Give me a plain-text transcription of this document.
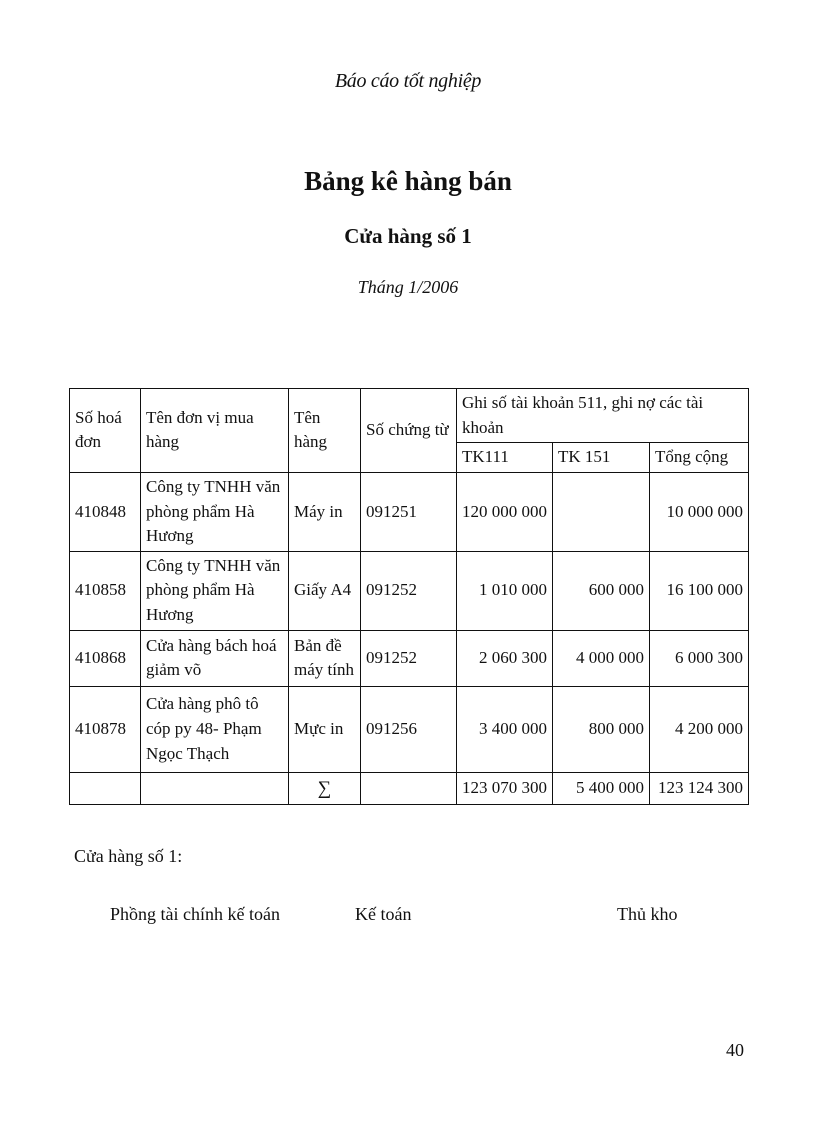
Báo cáo tốt nghiệp
Bảng kê hàng bán
Cửa hàng số 1
Tháng 1/2006
Số hoá đơn	Tên đơn vị mua hàng	Tên hàng	Số chứng từ	Ghi số tài khoản 511, ghi nợ các tài khoản		
				TK111	TK 151	Tổng cộng
410848	Công ty TNHH văn phòng phẩm Hà Hương	Máy in	091251	120 000 000		10 000 000
410858	Công ty TNHH văn phòng phẩm Hà Hương	Giấy A4	091252	1 010 000	600 000	16 100 000
410868	Cửa hàng bách hoá giảm võ	Bản đề máy tính	091252	2 060 300	4 000 000	6 000 300
410878	Cửa hàng phô tô cóp py 48- Phạm Ngọc Thạch	Mực in	091256	3 400 000	800 000	4 200 000
		∑		123 070 300	5 400 000	123 124 300
Cửa hàng số 1:
Phồng tài chính kế toán	Kế toán	Thủ kho
40
